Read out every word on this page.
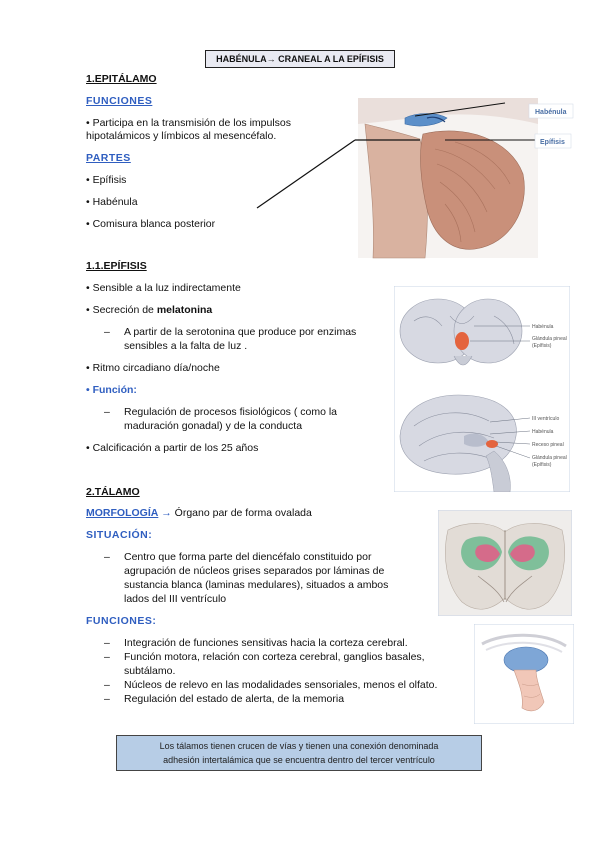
HABÉNULA→ CRANEAL A LA EPÍFISIS
1.EPITÁLAMO
FUNCIONES
• Participa en la transmisión de los impulsos
hipotalámicos y límbicos al mesencéfalo.
PARTES
• Epífisis
• Habénula
• Comisura blanca posterior
Habénula
Epífisis
1.1.EPÍFISIS
• Sensible a la luz indirectamente
• Secreción de melatonina
– A partir de la serotonina que produce por enzimas
sensibles a la falta de luz .
• Ritmo circadiano día/noche
• Función:
– Regulación de procesos fisiológicos ( como la
maduración gonadal) y de la conducta
• Calcificación a partir de los 25 años
Habénula
Glándula pineal
(Epífisis)
III ventrículo
Habénula
Receso pineal
Glándula pineal
(Epífisis)
2.TÁLAMO
MORFOLOGÍA → Órgano par de forma ovalada
SITUACIÓN:
– Centro que forma parte del diencéfalo constituido por
agrupación de núcleos grises separados por láminas de
sustancia blanca (laminas medulares), situados a ambos
lados del III ventrículo
FUNCIONES:
– Integración de funciones sensitivas hacia la corteza cerebral.
– Función motora, relación con corteza cerebral, ganglios basales,
subtálamo.
– Núcleos de relevo en las modalidades sensoriales, menos el olfato.
– Regulación del estado de alerta, de la memoria
Los tálamos tienen crucen de vías y tienen una conexión denominada
adhesión intertalámica que se encuentra dentro del tercer ventrículo
